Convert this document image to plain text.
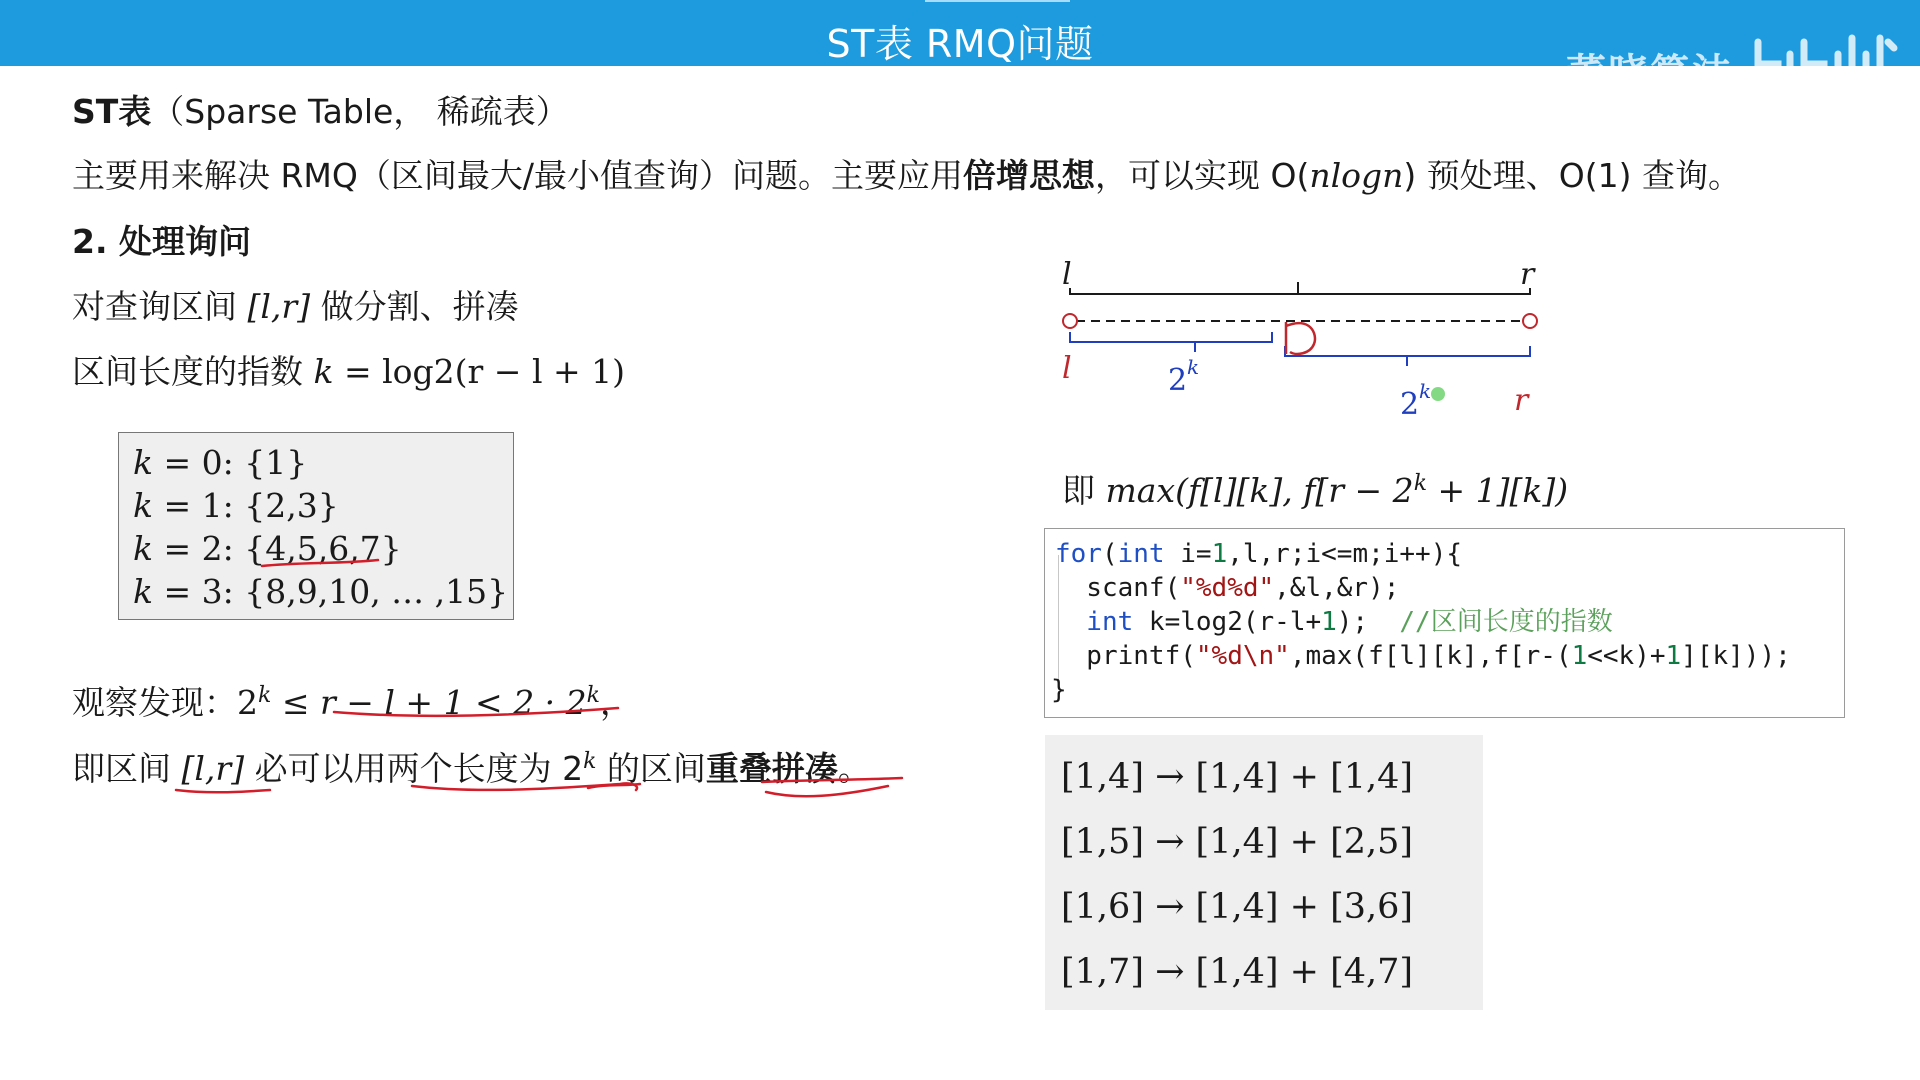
ST表 RMQ问题
董晓算法
ST表（Sparse Table， 稀疏表）
主要用来解决 RMQ（区间最大/最小值查询）问题。主要应用倍增思想，可以实现 O(nlogn) 预处理、O(1) 查询。
2. 处理询问
对查询区间 [l,r] 做分割、拼凑
区间长度的指数 k = log2(r − l + 1)
k = 0: {1}
k = 1: {2,3}
k = 2: {4,5,6,7}
k = 3: {8,9,10, … ,15}
观察发现：$2^k \le r - l + 1 < 2 \cdot 2^k$，
即区间 [l,r] 必可以用两个长度为 2$^k$ 的区间重叠拼凑。
l	r
l
r
2 k
2 k
即 max(f[l][k], $f[r - 2^k + 1][k]$)
for(int i=1,l,r;i<=m;i++){
scanf("%d%d",&l,&r);
int k=log2(r-l+1);  //区间长度的指数
printf("%d\n",max(f[l][k],f[r-(1<<k)+1][k]));
}
[1,4] → [1,4] + [1,4]
[1,5] → [1,4] + [2,5]
[1,6] → [1,4] + [3,6]
[1,7] → [1,4] + [4,7]
